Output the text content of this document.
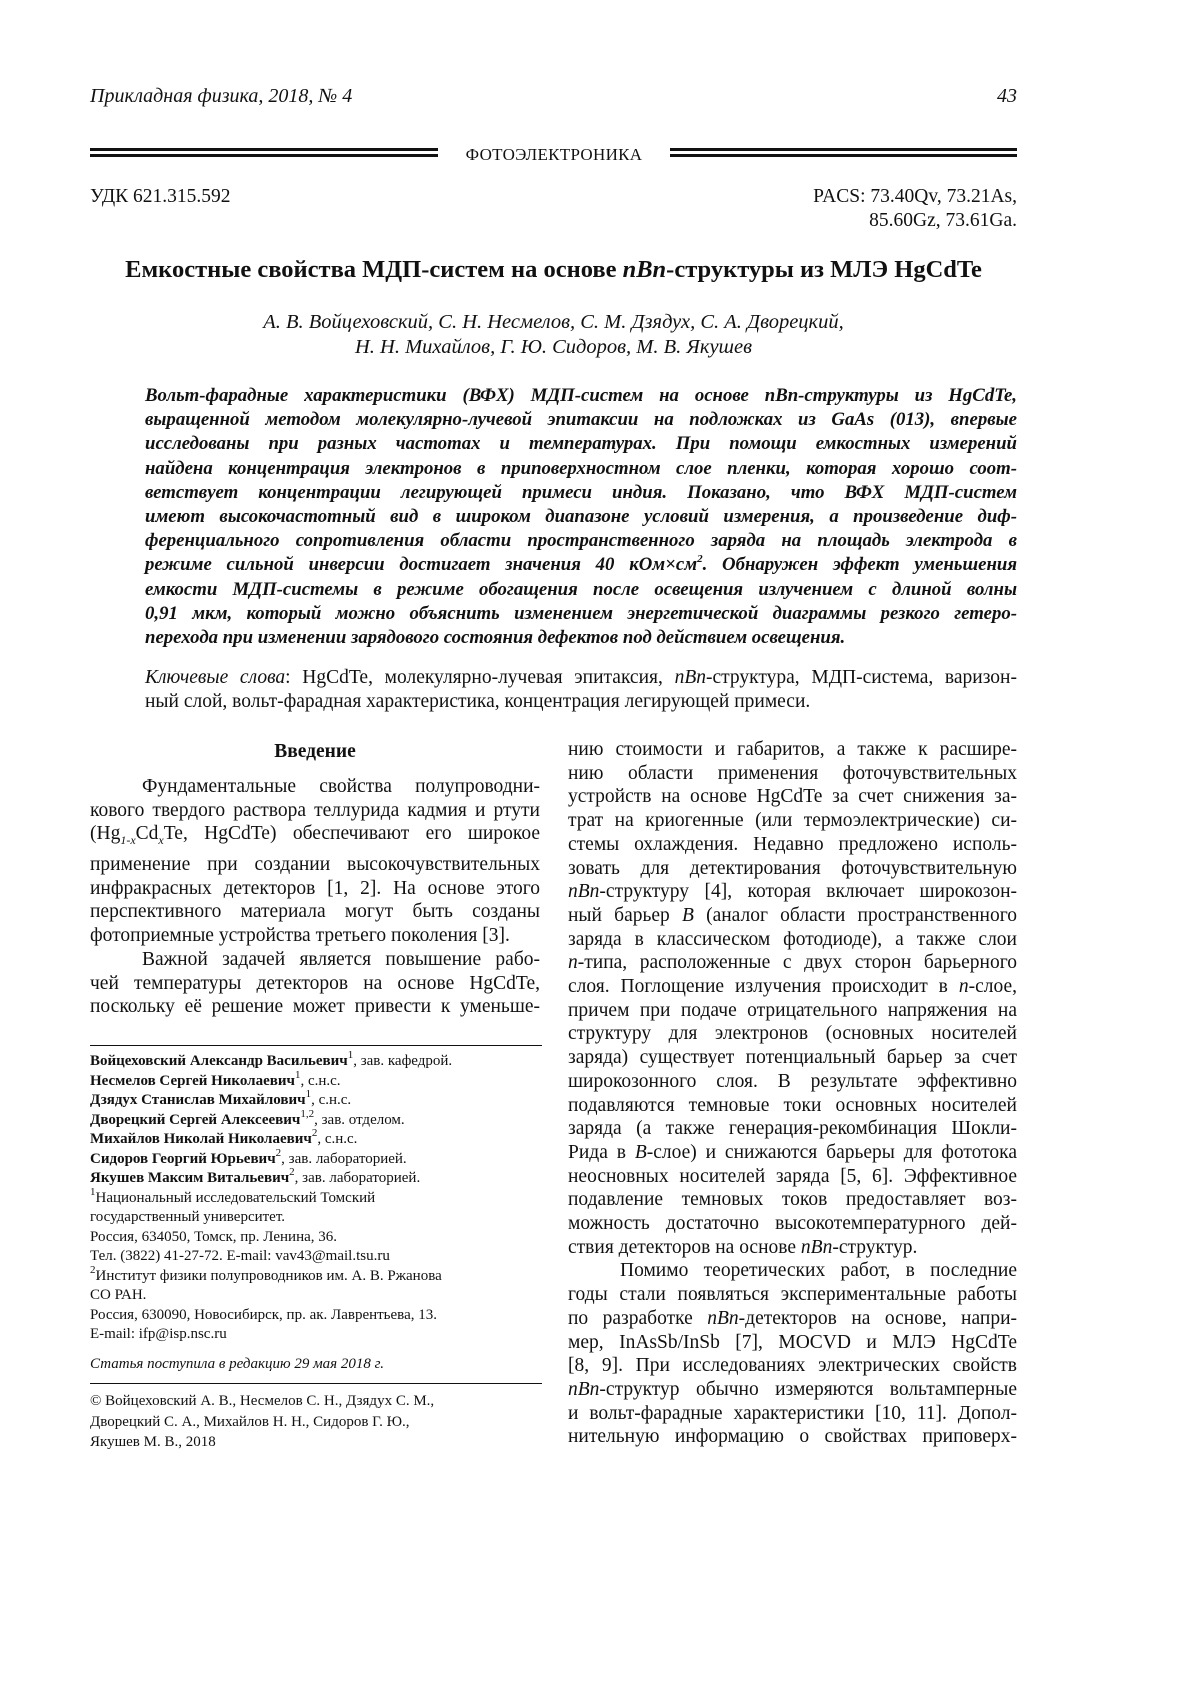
Прикладная физика, 2018, № 4	43
ФОТОЭЛЕКТРОНИКА
УДК 621.315.592	PACS: 73.40Qv, 73.21As,
85.60Gz, 73.61Ga.
Емкостные свойства МДП-систем на основе nBn-структуры из МЛЭ HgCdTe
А. В. Войцеховский, С. Н. Несмелов, С. М. Дзядух, С. А. Дворецкий,
Н. Н. Михайлов, Г. Ю. Сидоров, М. В. Якушев
Вольт-фарадные характеристики (ВФХ) МДП-систем на основе nBn-структуры из HgCdTe,
выращенной методом молекулярно-лучевой эпитаксии на подложках из GaAs (013), впервые
исследованы при разных частотах и температурах. При помощи емкостных измерений
найдена концентрация электронов в приповерхностном слое пленки, которая хорошо соот-
ветствует концентрации легирующей примеси индия. Показано, что ВФХ МДП-систем
имеют высокочастотный вид в широком диапазоне условий измерения, а произведение диф-
ференциального сопротивления области пространственного заряда на площадь электрода в
режиме сильной инверсии достигает значения 40 $кОм\times см^2$. Обнаружен эффект уменьшения
емкости МДП-системы в режиме обогащения после освещения излучением с длиной волны
0,91 мкм, который можно объяснить изменением энергетической диаграммы резкого гетеро-
перехода при изменении зарядового состояния дефектов под действием освещения.
Ключевые слова: HgCdTe, молекулярно-лучевая эпитаксия, nBn-структура, МДП-система, варизон-
ный слой, вольт-фарадная характеристика, концентрация легирующей примеси.
Введение
Фундаментальные свойства полупроводни-
кового твердого раствора теллурида кадмия и ртути
($Hg_{1-x}Cd_xTe$, HgCdTe) обеспечивают его широкое
применение при создании высокочувствительных
инфракрасных детекторов [1, 2]. На основе этого
перспективного материала могут быть созданы
фотоприемные устройства третьего поколения [3].
Важной задачей является повышение рабо-
чей температуры детекторов на основе HgCdTe,
поскольку её решение может привести к уменьше-
Войцеховский Александр Васильевич$^1$, зав. кафедрой.
Несмелов Сергей Николаевич$^1$, с.н.с.
Дзядух Станислав Михайлович$^1$, с.н.с.
Дворецкий Сергей Алексеевич$^{1,2}$, зав. отделом.
Михайлов Николай Николаевич$^2$, с.н.с.
Сидоров Георгий Юрьевич$^2$, зав. лабораторией.
Якушев Максим Витальевич$^2$, зав. лабораторией.
$^1$Национальный исследовательский Томский
государственный университет.
Россия, 634050, Томск, пр. Ленина, 36.
Тел. (3822) 41-27-72. E-mail: vav43@mail.tsu.ru
$^2$Институт физики полупроводников им. А. В. Ржанова
СО РАН.
Россия, 630090, Новосибирск, пр. ак. Лаврентьева, 13.
E-mail: ifp@isp.nsc.ru
Статья поступила в редакцию 29 мая 2018 г.
© Войцеховский А. В., Несмелов С. Н., Дзядух С. М.,
Дворецкий С. А., Михайлов Н. Н., Сидоров Г. Ю.,
Якушев М. В., 2018
нию стоимости и габаритов, а также к расшире-
нию области применения фоточувствительных
устройств на основе HgCdTe за счет снижения за-
трат на криогенные (или термоэлектрические) си-
стемы охлаждения. Недавно предложено исполь-
зовать для детектирования фоточувствительную
nBn-структуру [4], которая включает широкозон-
ный барьер B (аналог области пространственного
заряда в классическом фотодиоде), а также слои
n-типа, расположенные с двух сторон барьерного
слоя. Поглощение излучения происходит в n-слое,
причем при подаче отрицательного напряжения на
структуру для электронов (основных носителей
заряда) существует потенциальный барьер за счет
широкозонного слоя. В результате эффективно
подавляются темновые токи основных носителей
заряда (а также генерация-рекомбинация Шокли-
Рида в B-слое) и снижаются барьеры для фототока
неосновных носителей заряда [5, 6]. Эффективное
подавление темновых токов предоставляет воз-
можность достаточно высокотемпературного дей-
ствия детекторов на основе nBn-структур.
Помимо теоретических работ, в последние
годы стали появляться экспериментальные работы
по разработке nBn-детекторов на основе, напри-
мер, InAsSb/InSb [7], MOCVD и МЛЭ HgCdTe
[8, 9]. При исследованиях электрических свойств
nBn-структур обычно измеряются вольтамперные
и вольт-фарадные характеристики [10, 11]. Допол-
нительную информацию о свойствах приповерх-
